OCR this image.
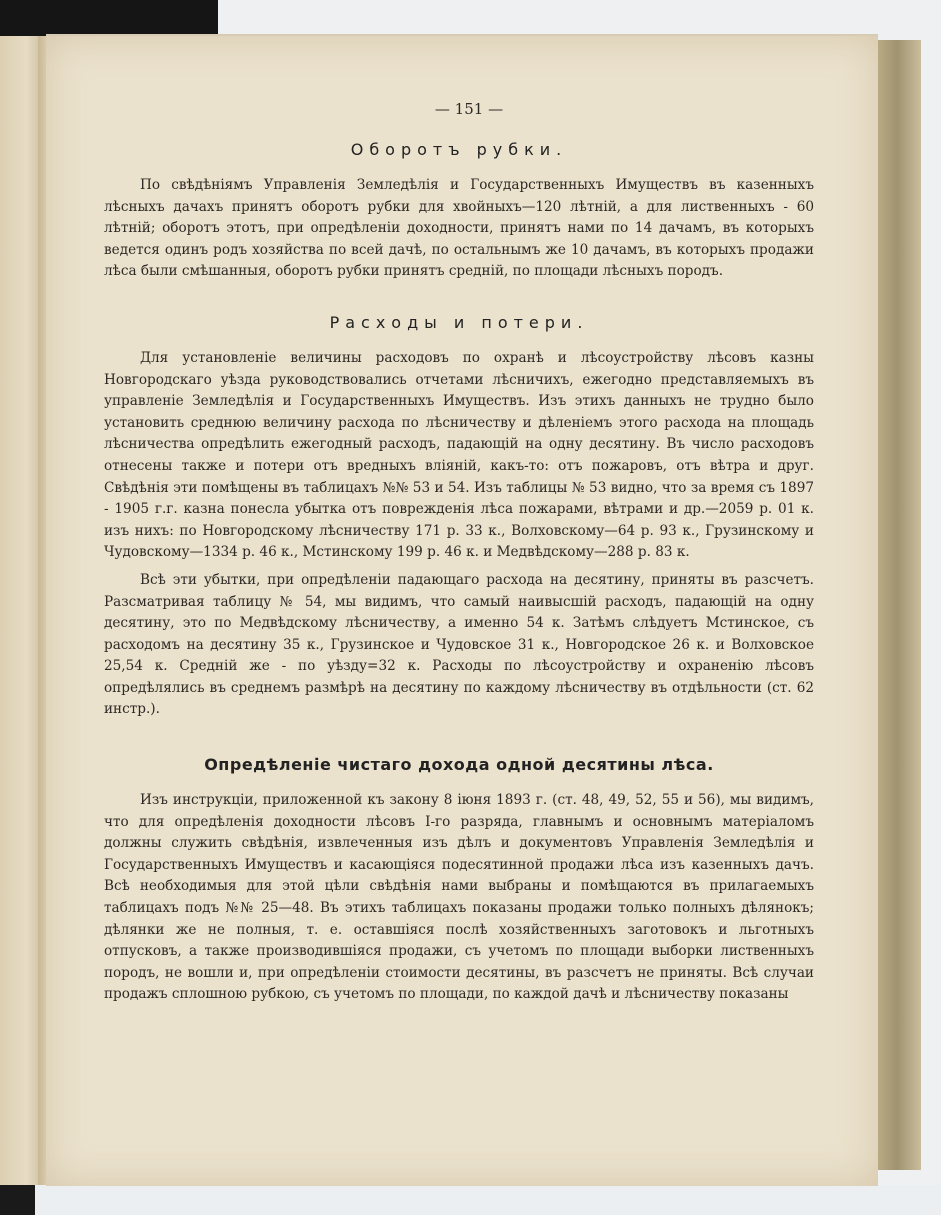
— 151 —
Оборотъ рубки.

По свѣдѣніямъ Управленія Земледѣлія и Государственныхъ Имуществъ въ казенныхъ лѣсныхъ дачахъ принятъ оборотъ рубки для хвойныхъ—120 лѣтній, а для лиственныхъ - 60 лѣтній; оборотъ этотъ, при опредѣленіи доходности, принятъ нами по 14 дачамъ, въ которыхъ ведется одинъ родъ хозяйства по всей дачѣ, по остальнымъ же 10 дачамъ, въ которыхъ продажи лѣса были смѣшанныя, оборотъ рубки принятъ средній, по площади лѣсныхъ породъ.

Расходы и потери.

Для установленіе величины расходовъ по охранѣ и лѣсоустройству лѣсовъ казны Новгородскаго уѣзда руководствовались отчетами лѣсничихъ, ежегодно представляемыхъ въ управленіе Земледѣлія и Государственныхъ Имуществъ. Изъ этихъ данныхъ не трудно было установить среднюю величину расхода по лѣсничеству и дѣленіемъ этого расхода на площадь лѣсничества опредѣлить ежегодный расходъ, падающій на одну десятину. Въ число расходовъ отнесены также и потери отъ вредныхъ вліяній, какъ-то: отъ пожаровъ, отъ вѣтра и друг. Свѣдѣнія эти помѣщены въ таблицахъ №№ 53 и 54. Изъ таблицы № 53 видно, что за время съ 1897 - 1905 г.г. казна понесла убытка отъ поврежденія лѣса пожарами, вѣтрами и др.—2059 р. 01 к. изъ нихъ: по Новгородскому лѣсничеству 171 р. 33 к., Волховскому—64 р. 93 к., Грузинскому и Чудовскому—1334 р. 46 к., Мстинскому 199 р. 46 к. и Медвѣдскому—288 р. 83 к.

Всѣ эти убытки, при опредѣленіи падающаго расхода на десятину, приняты въ разсчетъ. Разсматривая таблицу № 54, мы видимъ, что самый наивысшій расходъ, падающій на одну десятину, это по Медвѣдскому лѣсничеству, а именно 54 к. Затѣмъ слѣдуетъ Мстинское, съ расходомъ на десятину 35 к., Грузинское и Чудовское 31 к., Новгородское 26 к. и Волховское 25,54 к. Средній же - по уѣзду=32 к. Расходы по лѣсоустройству и охраненію лѣсовъ опредѣлялись въ среднемъ размѣрѣ на десятину по каждому лѣсничеству въ отдѣльности (ст. 62 инстр.).

Опредѣленіе чистаго дохода одной десятины лѣса.

Изъ инструкціи, приложенной къ закону 8 іюня 1893 г. (ст. 48, 49, 52, 55 и 56), мы видимъ, что для опредѣленія доходности лѣсовъ I-го разряда, главнымъ и основнымъ матеріаломъ должны служить свѣдѣнія, извлеченныя изъ дѣлъ и документовъ Управленія Земледѣлія и Государственныхъ Имуществъ и касающіяся подесятинной продажи лѣса изъ казенныхъ дачъ. Всѣ необходимыя для этой цѣли свѣдѣнія нами выбраны и помѣщаются въ прилагаемыхъ таблицахъ подъ №№ 25—48. Въ этихъ таблицахъ показаны продажи только полныхъ дѣлянокъ; дѣлянки же не полныя, т. е. оставшіяся послѣ хозяйственныхъ заготовокъ и льготныхъ отпусковъ, а также производившіяся продажи, съ учетомъ по площади выборки лиственныхъ породъ, не вошли и, при опредѣленіи стоимости десятины, въ разсчетъ не приняты. Всѣ случаи продажъ сплошною рубкою, съ учетомъ по площади, по каждой дачѣ и лѣсничеству показаны
